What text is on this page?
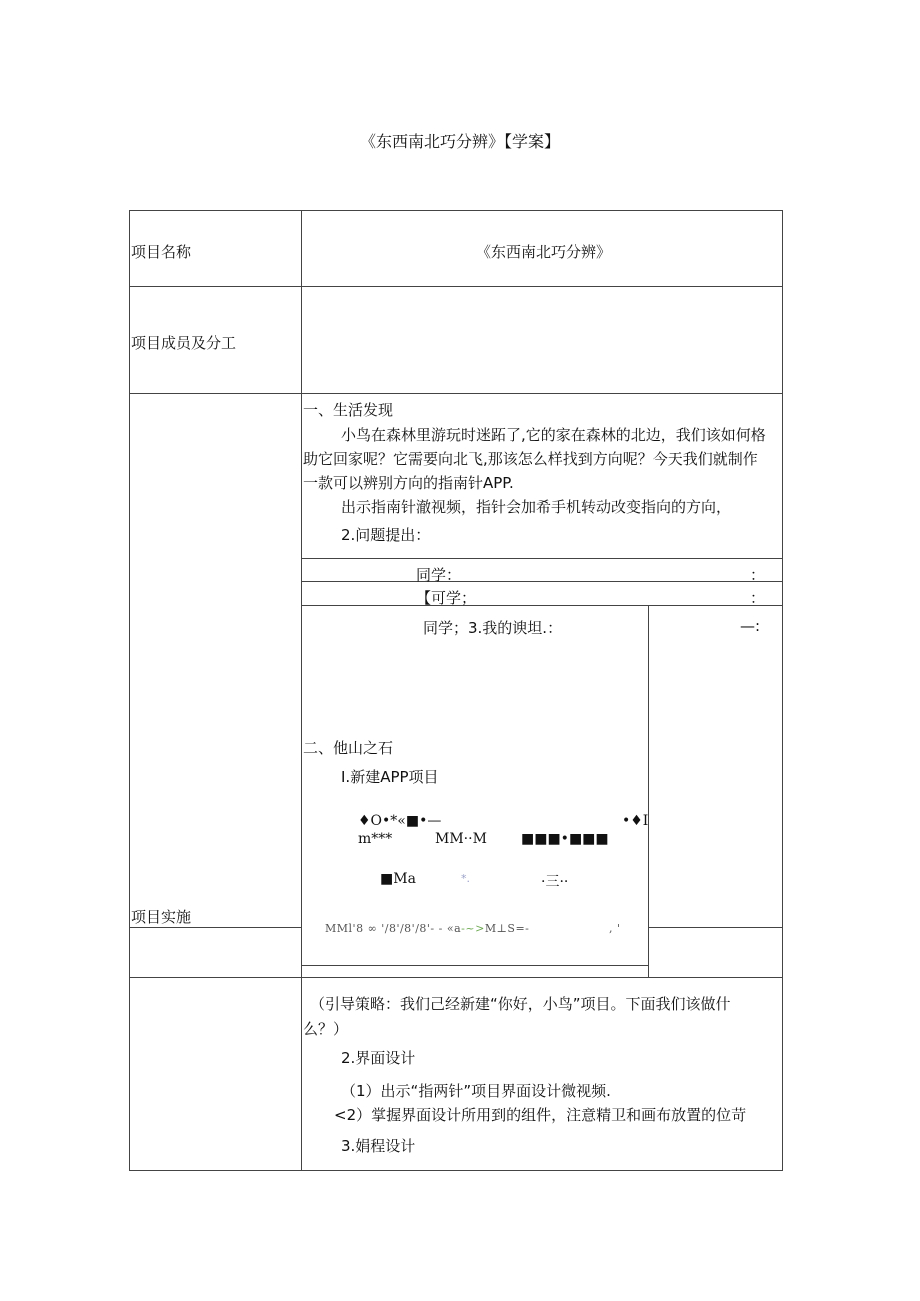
《东西南北巧分辨》【学案】
项目名称	《东西南北巧分辨》
项目成员及分工
项目实施
一、生活发现
小鸟在森林里游玩时迷跖了,它的家在森林的北边，我们该如何格
助它回家呢？它需要向北飞,那该怎么样找到方向呢？今天我们就制作
一款可以辨别方向的指南针APP.
出示指南针澈视频，指针会加希手机转动改变指向的方向，
2.问题提出：
同学：	：
【可学；	：
同学；3.我的谀坦.：	—:
二、他山之石
I.新建APP项目
♦O•*«■•—	•♦I
m***	MM··M ■■■•■■■
■Ma	*.	·三··
MMl'8 ∞ '/8'/8'/8'- - «a-~>M⊥S=-	, '
（引导策略：我们己经新建“你好，小鸟”项目。下面我们该做什
么？）
2.界面设计
（1）出示“指两针”项目界面设计微视频.
<2）掌握界面设计所用到的组件，注意精卫和画布放置的位苛
3.娟程设计
